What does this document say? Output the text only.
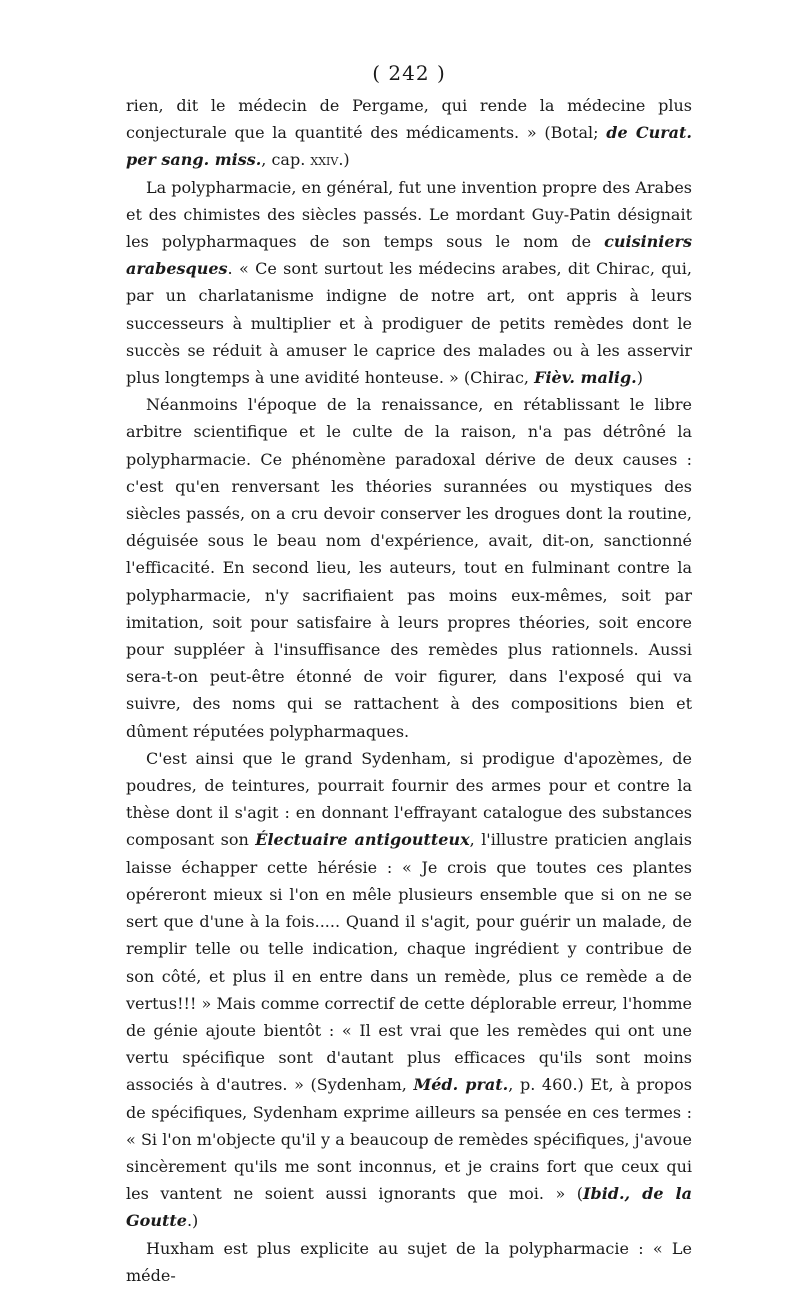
( 242 )

rien, dit le médecin de Pergame, qui rende la médecine plus conjecturale que la quantité des médicaments. » (Botal; de Curat. per sang. miss., cap. xxiv.)

La polypharmacie, en général, fut une invention propre des Arabes et des chimistes des siècles passés. Le mordant Guy-Patin désignait les polypharmaques de son temps sous le nom de cuisiniers arabesques. « Ce sont surtout les médecins arabes, dit Chirac, qui, par un charlatanisme indigne de notre art, ont appris à leurs successeurs à multiplier et à prodiguer de petits remèdes dont le succès se réduit à amuser le caprice des malades ou à les asservir plus longtemps à une avidité honteuse. » (Chirac, Fièv. malig.)

Néanmoins l'époque de la renaissance, en rétablissant le libre arbitre scientifique et le culte de la raison, n'a pas détrôné la polypharmacie. Ce phénomène paradoxal dérive de deux causes : c'est qu'en renversant les théories surannées ou mystiques des siècles passés, on a cru devoir conserver les drogues dont la routine, déguisée sous le beau nom d'expérience, avait, dit-on, sanctionné l'efficacité. En second lieu, les auteurs, tout en fulminant contre la polypharmacie, n'y sacrifiaient pas moins eux-mêmes, soit par imitation, soit pour satisfaire à leurs propres théories, soit encore pour suppléer à l'insuffisance des remèdes plus rationnels. Aussi sera-t-on peut-être étonné de voir figurer, dans l'exposé qui va suivre, des noms qui se rattachent à des compositions bien et dûment réputées polypharmaques.

C'est ainsi que le grand Sydenham, si prodigue d'apozèmes, de poudres, de teintures, pourrait fournir des armes pour et contre la thèse dont il s'agit : en donnant l'effrayant catalogue des substances composant son Électuaire antigoutteux, l'illustre praticien anglais laisse échapper cette hérésie : « Je crois que toutes ces plantes opéreront mieux si l'on en mêle plusieurs ensemble que si on ne se sert que d'une à la fois..... Quand il s'agit, pour guérir un malade, de remplir telle ou telle indication, chaque ingrédient y contribue de son côté, et plus il en entre dans un remède, plus ce remède a de vertus!!! » Mais comme correctif de cette déplorable erreur, l'homme de génie ajoute bientôt : « Il est vrai que les remèdes qui ont une vertu spécifique sont d'autant plus efficaces qu'ils sont moins associés à d'autres. » (Sydenham, Méd. prat., p. 460.) Et, à propos de spécifiques, Sydenham exprime ailleurs sa pensée en ces termes : « Si l'on m'objecte qu'il y a beaucoup de remèdes spécifiques, j'avoue sincèrement qu'ils me sont inconnus, et je crains fort que ceux qui les vantent ne soient aussi ignorants que moi. » (Ibid., de la Goutte.)

Huxham est plus explicite au sujet de la polypharmacie : « Le méde-
